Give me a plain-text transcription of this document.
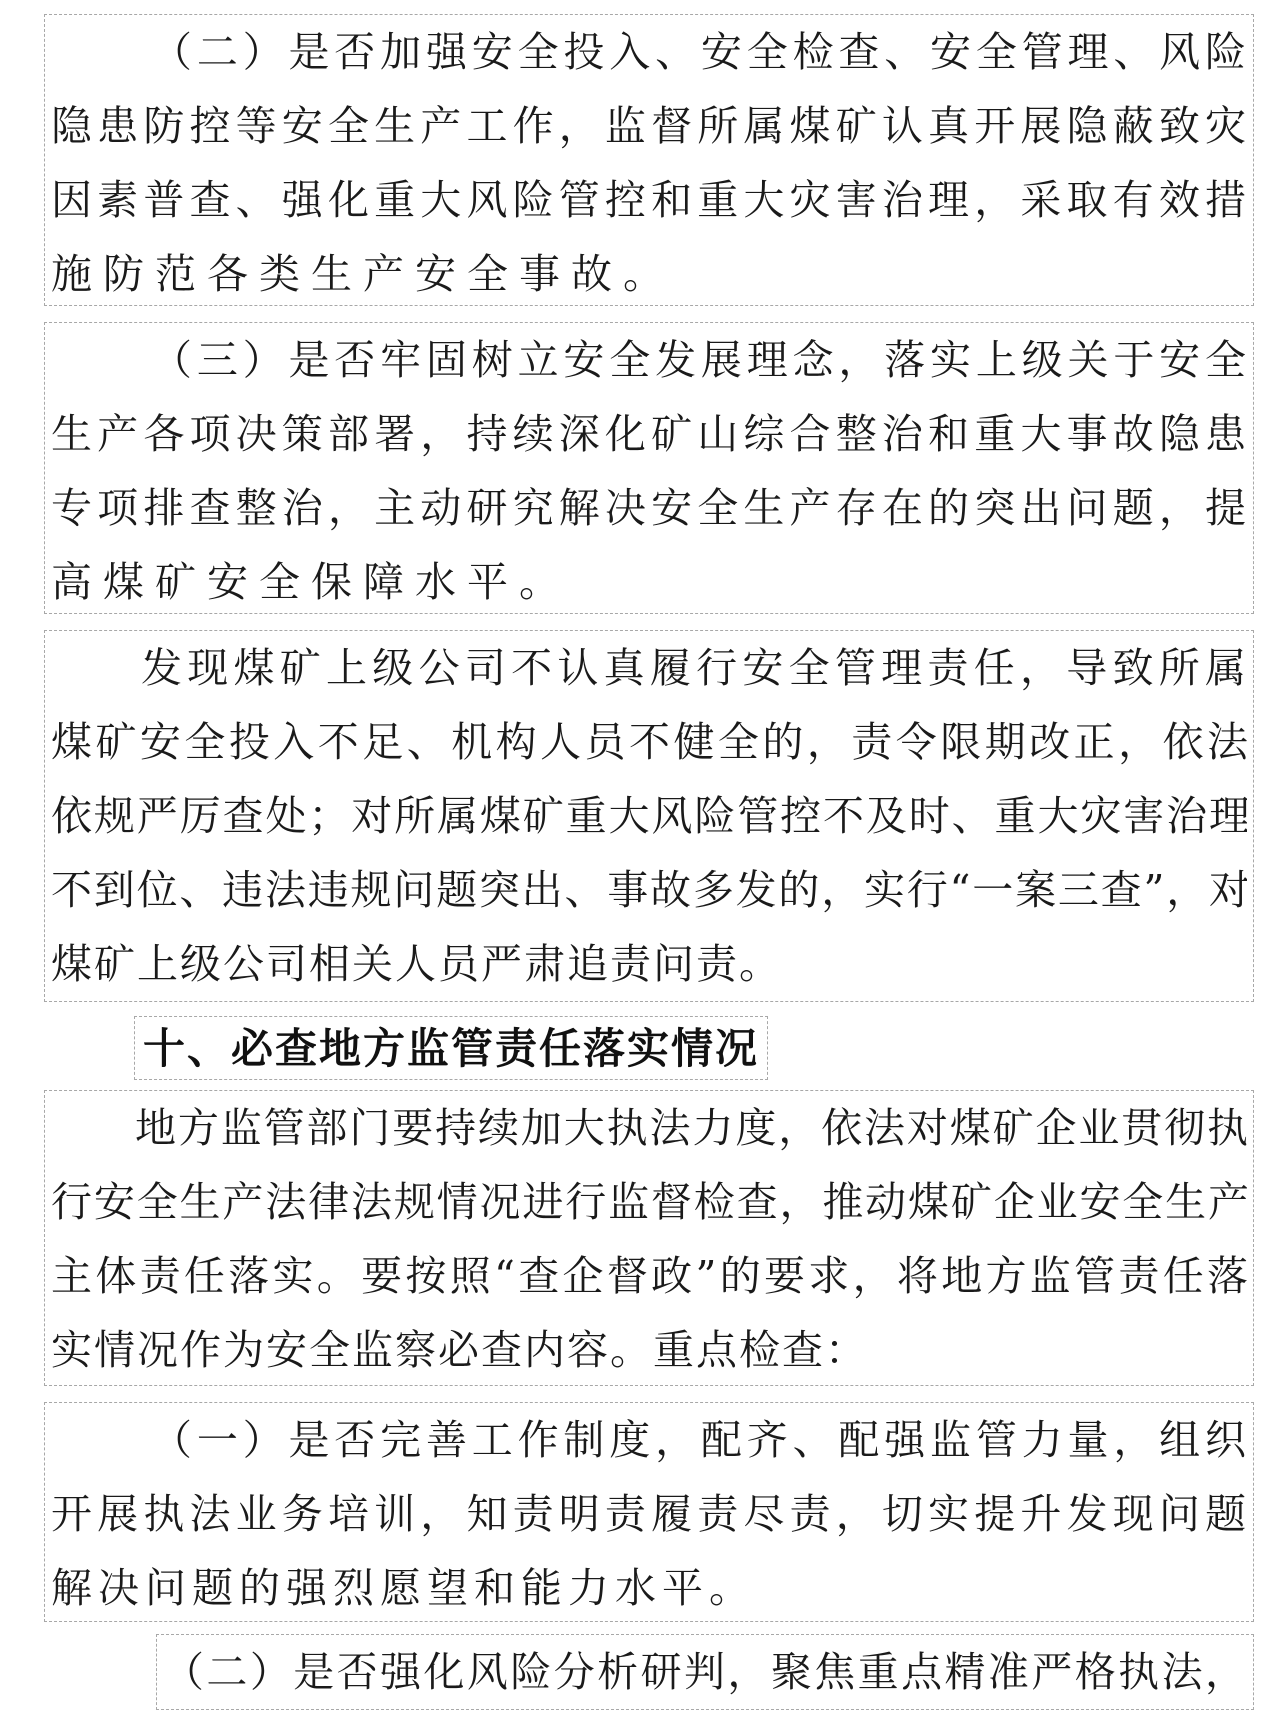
（二）是否加强安全投入、安全检查、安全管理、风险
隐患防控等安全生产工作，监督所属煤矿认真开展隐蔽致灾
因素普查、强化重大风险管控和重大灾害治理，采取有效措
施防范各类生产安全事故。
（三）是否牢固树立安全发展理念，落实上级关于安全
生产各项决策部署，持续深化矿山综合整治和重大事故隐患
专项排查整治，主动研究解决安全生产存在的突出问题，提
高煤矿安全保障水平。
发现煤矿上级公司不认真履行安全管理责任，导致所属
煤矿安全投入不足、机构人员不健全的，责令限期改正，依法
依规严厉查处；对所属煤矿重大风险管控不及时、重大灾害治理
不到位、违法违规问题突出、事故多发的，实行“一案三查”，对
煤矿上级公司相关人员严肃追责问责。
十、必查地方监管责任落实情况
地方监管部门要持续加大执法力度，依法对煤矿企业贯彻执
行安全生产法律法规情况进行监督检查，推动煤矿企业安全生产
主体责任落实。要按照“查企督政”的要求，将地方监管责任落
实情况作为安全监察必查内容。重点检查：
（一）是否完善工作制度，配齐、配强监管力量，组织
开展执法业务培训，知责明责履责尽责，切实提升发现问题
解决问题的强烈愿望和能力水平。
（二）是否强化风险分析研判，聚焦重点精准严格执法，
